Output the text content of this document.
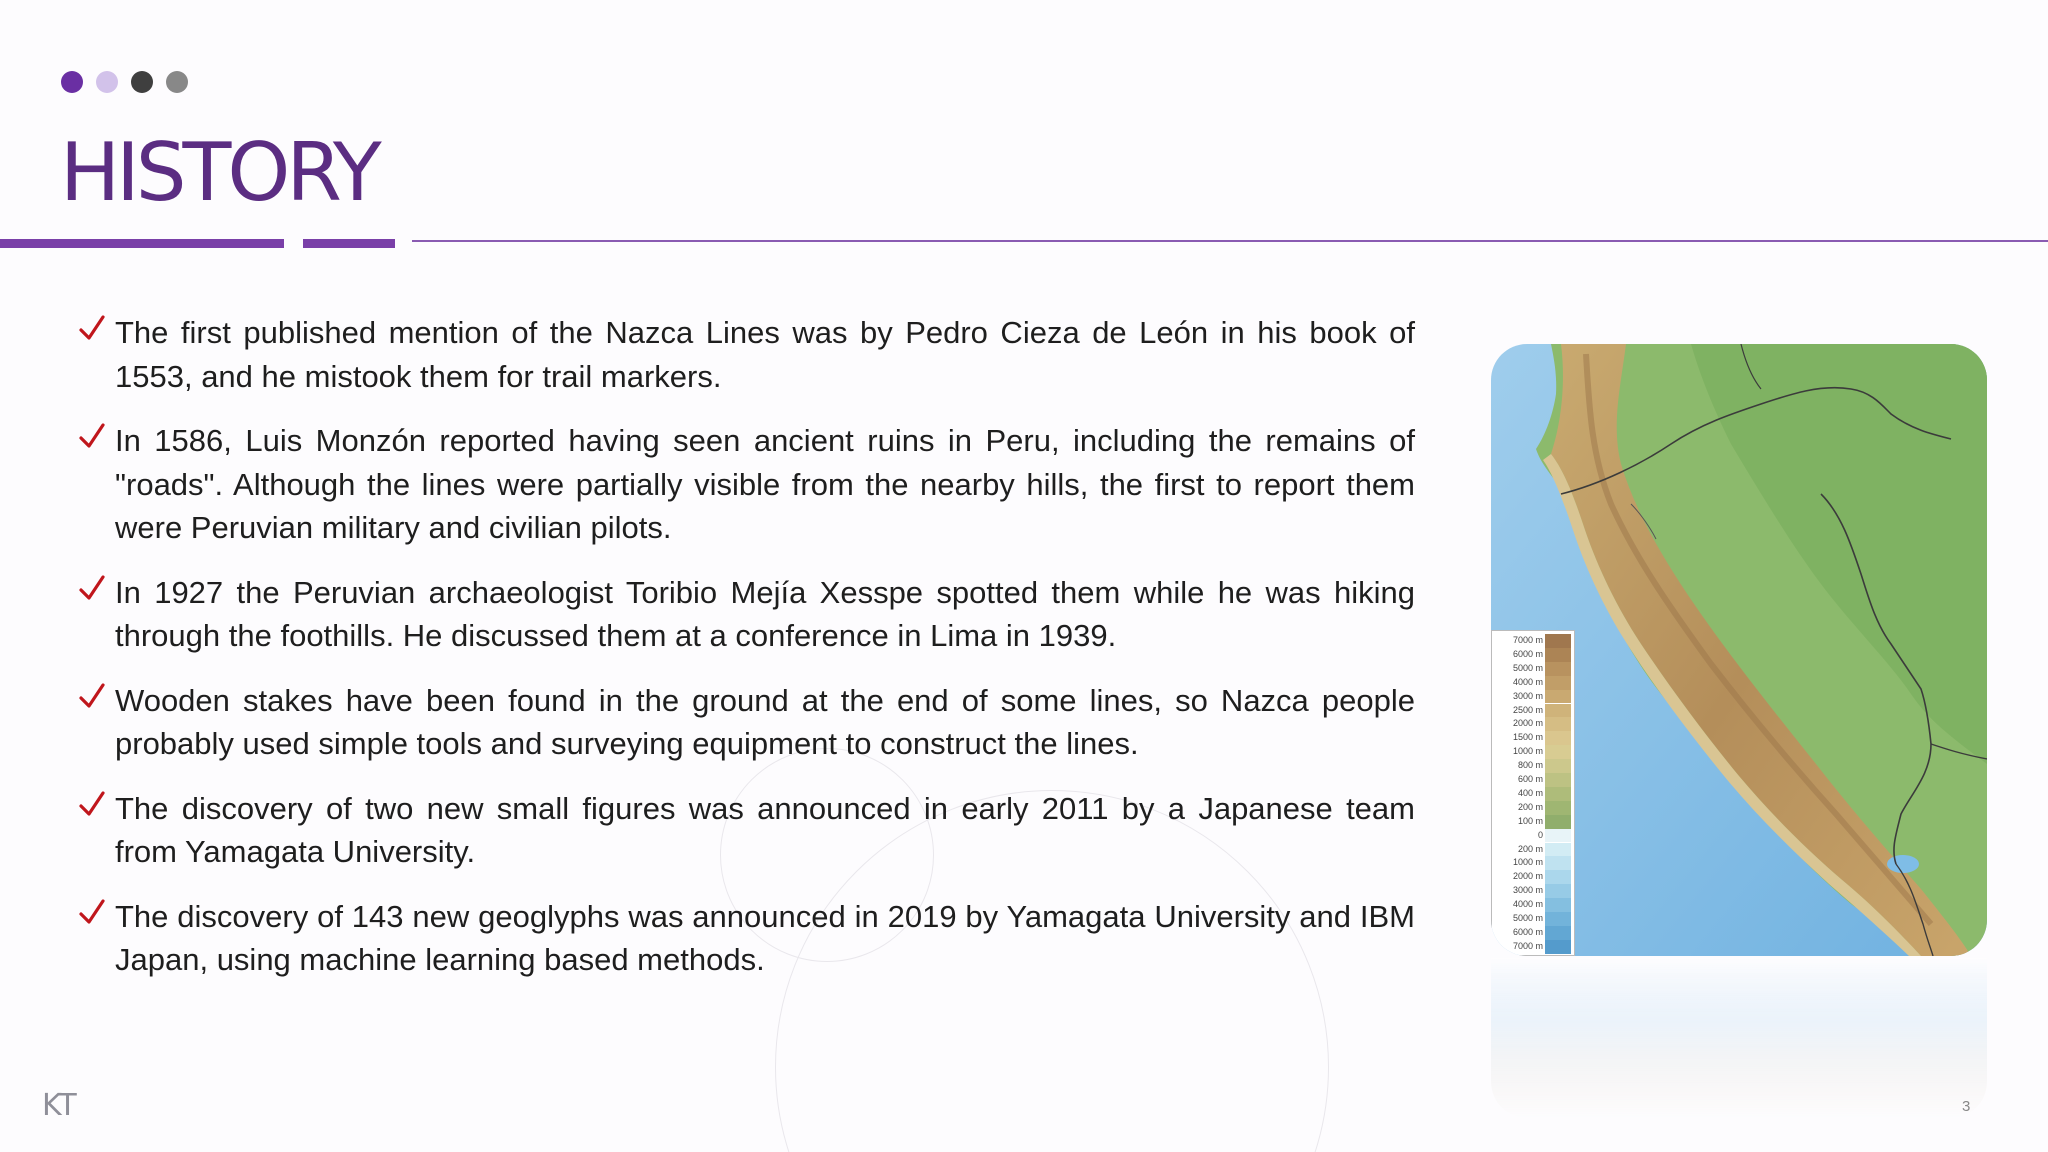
HISTORY
The first published mention of the Nazca Lines was by Pedro Cieza de León in his book of 1553, and he mistook them for trail markers.
In 1586, Luis Monzón reported having seen ancient ruins in Peru, including the remains of "roads". Although the lines were partially visible from the nearby hills, the first to report them were Peruvian military and civilian pilots.
In 1927 the Peruvian archaeologist Toribio Mejía Xesspe spotted them while he was hiking through the foothills. He discussed them at a conference in Lima in 1939.
Wooden stakes have been found in the ground at the end of some lines, so Nazca people probably used simple tools and surveying equipment to construct the lines.
The discovery of two new small figures was announced in early 2011 by a Japanese team from Yamagata University.
The discovery of 143 new geoglyphs was announced in 2019 by Yamagata University and IBM Japan, using machine learning based methods.
7000 m
6000 m
5000 m
4000 m
3000 m
2500 m
2000 m
1500 m
1000 m
800 m
600 m
400 m
200 m
100 m
0
200 m
1000 m
2000 m
3000 m
4000 m
5000 m
6000 m
7000 m
KT	3
